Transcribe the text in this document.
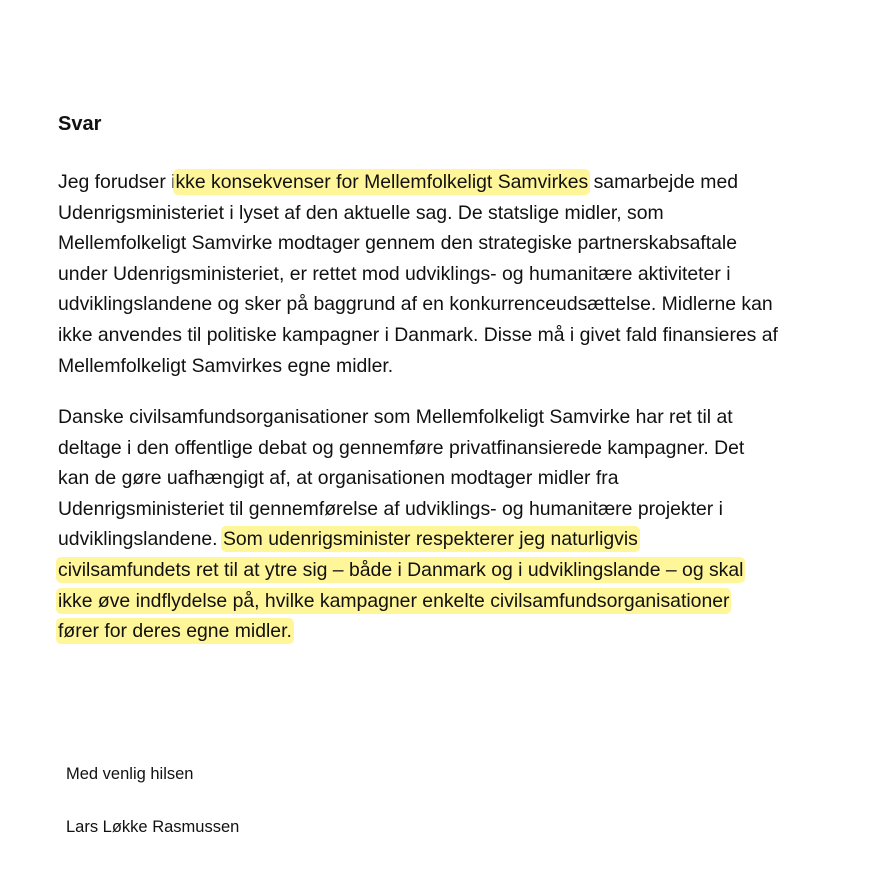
Svar

Jeg forudser ikke konsekvenser for Mellemfolkeligt Samvirkes samarbejde med
Udenrigsministeriet i lyset af den aktuelle sag. De statslige midler, som
Mellemfolkeligt Samvirke modtager gennem den strategiske partnerskabsaftale
under Udenrigsministeriet, er rettet mod udviklings- og humanitære aktiviteter i
udviklingslandene og sker på baggrund af en konkurrenceudsættelse. Midlerne kan
ikke anvendes til politiske kampagner i Danmark. Disse må i givet fald finansieres af
Mellemfolkeligt Samvirkes egne midler.

Danske civilsamfundsorganisationer som Mellemfolkeligt Samvirke har ret til at
deltage i den offentlige debat og gennemføre privatfinansierede kampagner. Det
kan de gøre uafhængigt af, at organisationen modtager midler fra
Udenrigsministeriet til gennemførelse af udviklings- og humanitære projekter i
udviklingslandene. Som udenrigsminister respekterer jeg naturligvis
civilsamfundets ret til at ytre sig – både i Danmark og i udviklingslande – og skal
ikke øve indflydelse på, hvilke kampagner enkelte civilsamfundsorganisationer
fører for deres egne midler.

Med venlig hilsen

Lars Løkke Rasmussen
